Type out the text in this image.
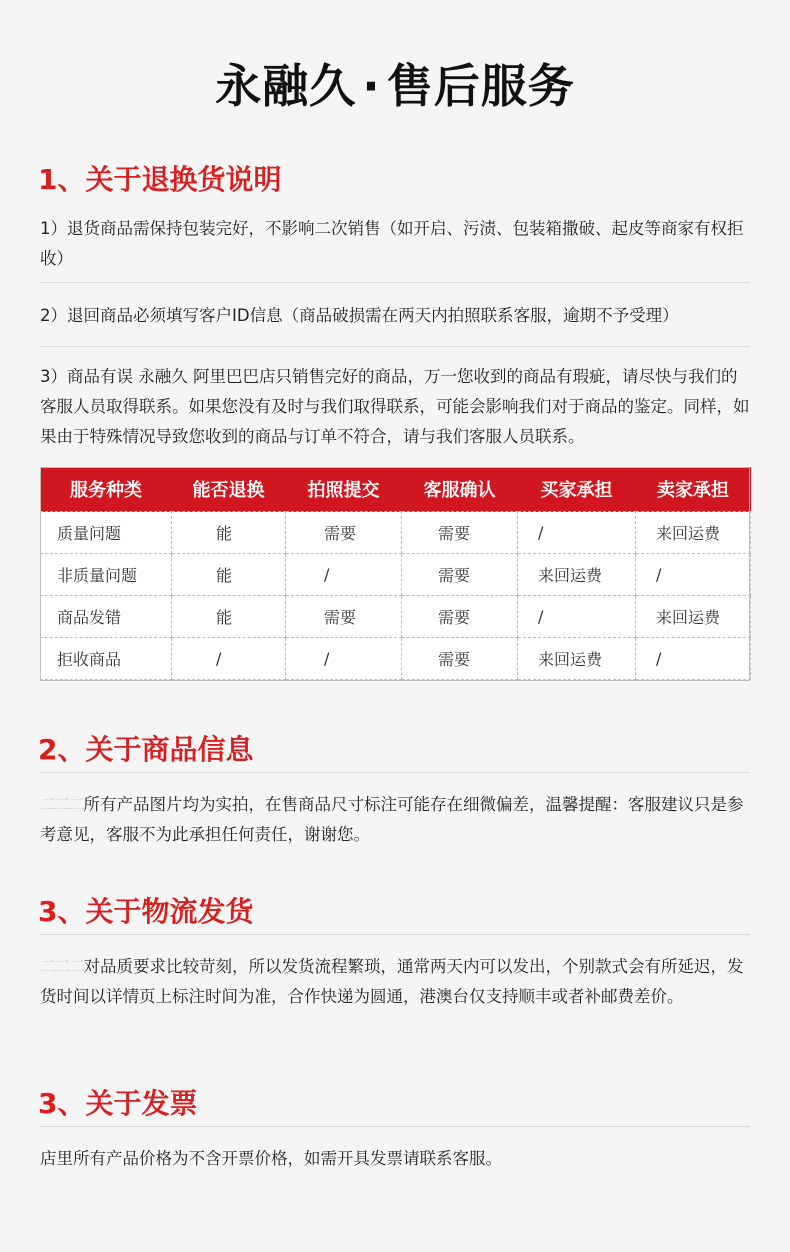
永融久 · 售后服务
1、关于退换货说明
1）退货商品需保持包装完好，不影响二次销售（如开启、污渍、包装箱撒破、起皮等商家有权拒收）
2）退回商品必须填写客户ID信息（商品破损需在两天内拍照联系客服，逾期不予受理）
3）商品有误 永融久 阿里巴巴店只销售完好的商品，万一您收到的商品有瑕疵，请尽快与我们的客服人员取得联系。如果您没有及时与我们取得联系，可能会影响我们对于商品的鉴定。同样，如果由于特殊情况导致您收到的商品与订单不符合，请与我们客服人员联系。
服务种类	能否退换	拍照提交	客服确认	买家承担	卖家承担
质量问题	能	需要	需要	/	来回运费
非质量问题	能	/	需要	来回运费	/
商品发错	能	需要	需要	/	来回运费
拒收商品	/	/	需要	来回运费	/
2、关于商品信息
二二二所有产品图片均为实拍，在售商品尺寸标注可能存在细微偏差，温馨提醒：客服建议只是参考意见，客服不为此承担任何责任，谢谢您。
3、关于物流发货
二二二对品质要求比较苛刻，所以发货流程繁琐，通常两天内可以发出，个别款式会有所延迟，发货时间以详情页上标注时间为准，合作快递为圆通，港澳台仅支持顺丰或者补邮费差价。
3、关于发票
店里所有产品价格为不含开票价格，如需开具发票请联系客服。
